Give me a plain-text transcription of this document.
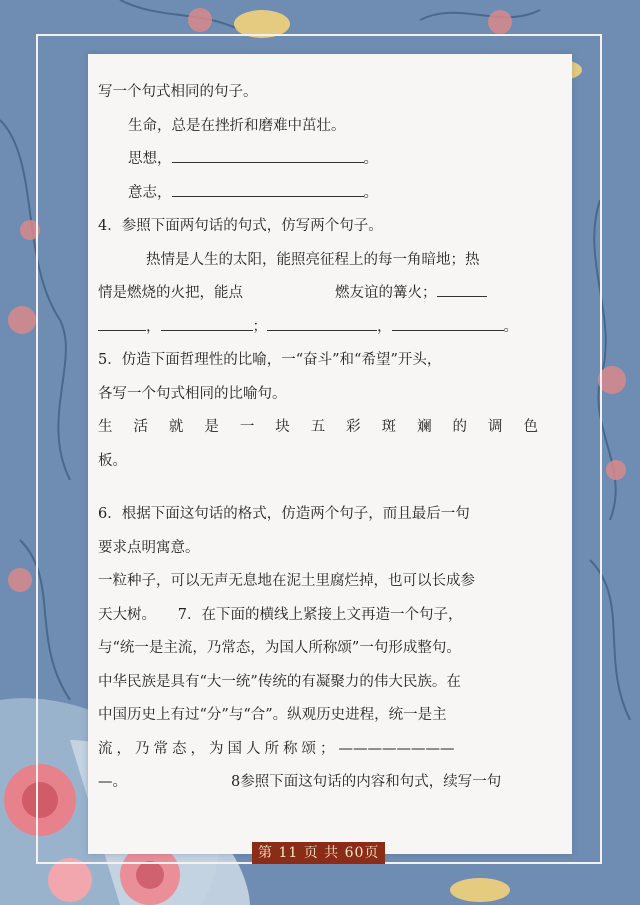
写一个句式相同的句子。
生命，总是在挫折和磨难中茁壮。
思想，	。
意志，	。
4．参照下面两句话的句式，仿写两个句子。
热情是人生的太阳，能照亮征程上的每一角暗地；热
情是燃烧的火把，能点	燃友谊的篝火；
，	；	，	。
5．仿造下面哲理性的比喻，一“奋斗”和“希望”开头，
各写一个句式相同的比喻句。
生 活 就 是 一 块 五 彩 斑 斓 的 调 色
板。
6．根据下面这句话的格式，仿造两个句子，而且最后一句
要求点明寓意。
一粒种子，可以无声无息地在泥土里腐烂掉，也可以长成参
天大树。　　7．在下面的横线上紧接上文再造一个句子，
与“统一是主流，乃常态，为国人所称颂”一句形成整句。
中华民族是具有“大一统”传统的有凝聚力的伟大民族。在
中国历史上有过“分”与“合”。纵观历史进程，统一是主
流，乃常态，为国人所称颂；————————
—。	8参照下面这句话的内容和句式，续写一句
第 11 页 共 60页
